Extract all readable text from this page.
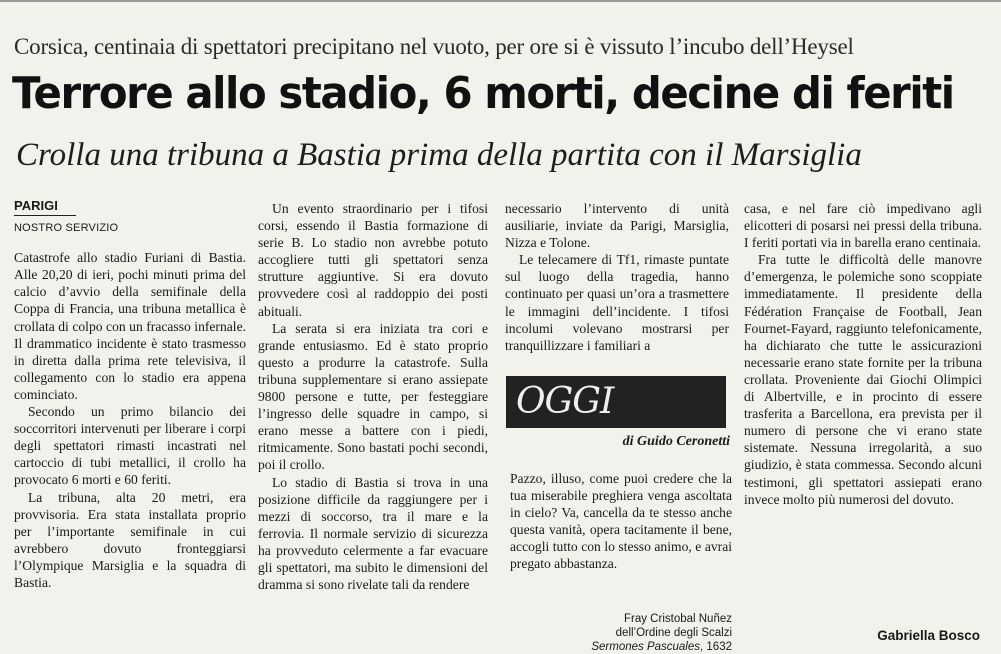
Corsica, centinaia di spettatori precipitano nel vuoto, per ore si è vissuto l’incubo dell’Heysel
Terrore allo stadio, 6 morti, decine di feriti
Crolla una tribuna a Bastia prima della partita con il Marsiglia
PARIGI
NOSTRO SERVIZIO

Catastrofe allo stadio Furiani di Bastia. Alle 20,20 di ieri, pochi minuti prima del calcio d’avvio della semifinale della Coppa di Francia, una tribuna metallica è crollata di colpo con un fracasso infernale. Il drammatico incidente è stato trasmesso in diretta dalla prima rete televisiva, il collegamento con lo stadio era appena cominciato.

Secondo un primo bilancio dei soccorritori intervenuti per liberare i corpi degli spettatori rimasti incastrati nel cartoccio di tubi metallici, il crollo ha provocato 6 morti e 60 feriti.

La tribuna, alta 20 metri, era provvisoria. Era stata installata proprio per l’importante semifinale in cui avrebbero dovuto fronteggiarsi l’Olympique Marsiglia e la squadra di Bastia.

Un evento straordinario per i tifosi corsi, essendo il Bastia formazione di serie B. Lo stadio non avrebbe potuto accogliere tutti gli spettatori senza strutture aggiuntive. Si era dovuto provvedere così al raddoppio dei posti abituali.

La serata si era iniziata tra cori e grande entusiasmo. Ed è stato proprio questo a produrre la catastrofe. Sulla tribuna supplementare si erano assiepate 9800 persone e tutte, per festeggiare l’ingresso delle squadre in campo, si erano messe a battere con i piedi, ritmicamente. Sono bastati pochi secondi, poi il crollo.

Lo stadio di Bastia si trova in una posizione difficile da raggiungere per i mezzi di soccorso, tra il mare e la ferrovia. Il normale servizio di sicurezza ha provveduto celermente a far evacuare gli spettatori, ma subito le dimensioni del dramma si sono rivelate tali da rendere

necessario l’intervento di unità ausiliarie, inviate da Parigi, Marsiglia, Nizza e Tolone.

Le telecamere di Tf1, rimaste puntate sul luogo della tragedia, hanno continuato per quasi un’ora a trasmettere le immagini dell’incidente. I tifosi incolumi volevano mostrarsi per tranquillizzare i familiari a

OGGI
di Guido Ceronetti

Pazzo, illuso, come puoi credere che la tua miserabile preghiera venga ascoltata in cielo? Va, cancella da te stesso anche questa vanità, opera tacitamente il bene, accogli tutto con lo stesso animo, e avrai pregato abbastanza.

Fray Cristobal Nuñez
dell’Ordine degli Scalzi
Sermones Pascuales, 1632

casa, e nel fare ciò impedivano agli elicotteri di posarsi nei pressi della tribuna. I feriti portati via in barella erano centinaia.

Fra tutte le difficoltà delle manovre d’emergenza, le polemiche sono scoppiate immediatamente. Il presidente della Fédération Française de Football, Jean Fournet-Fayard, raggiunto telefonicamente, ha dichiarato che tutte le assicurazioni necessarie erano state fornite per la tribuna crollata. Proveniente dai Giochi Olimpici di Albertville, e in procinto di essere trasferita a Barcellona, era prevista per il numero di persone che vi erano state sistemate. Nessuna irregolarità, a suo giudizio, è stata commessa. Secondo alcuni testimoni, gli spettatori assiepati erano invece molto più numerosi del dovuto.

Gabriella Bosco
